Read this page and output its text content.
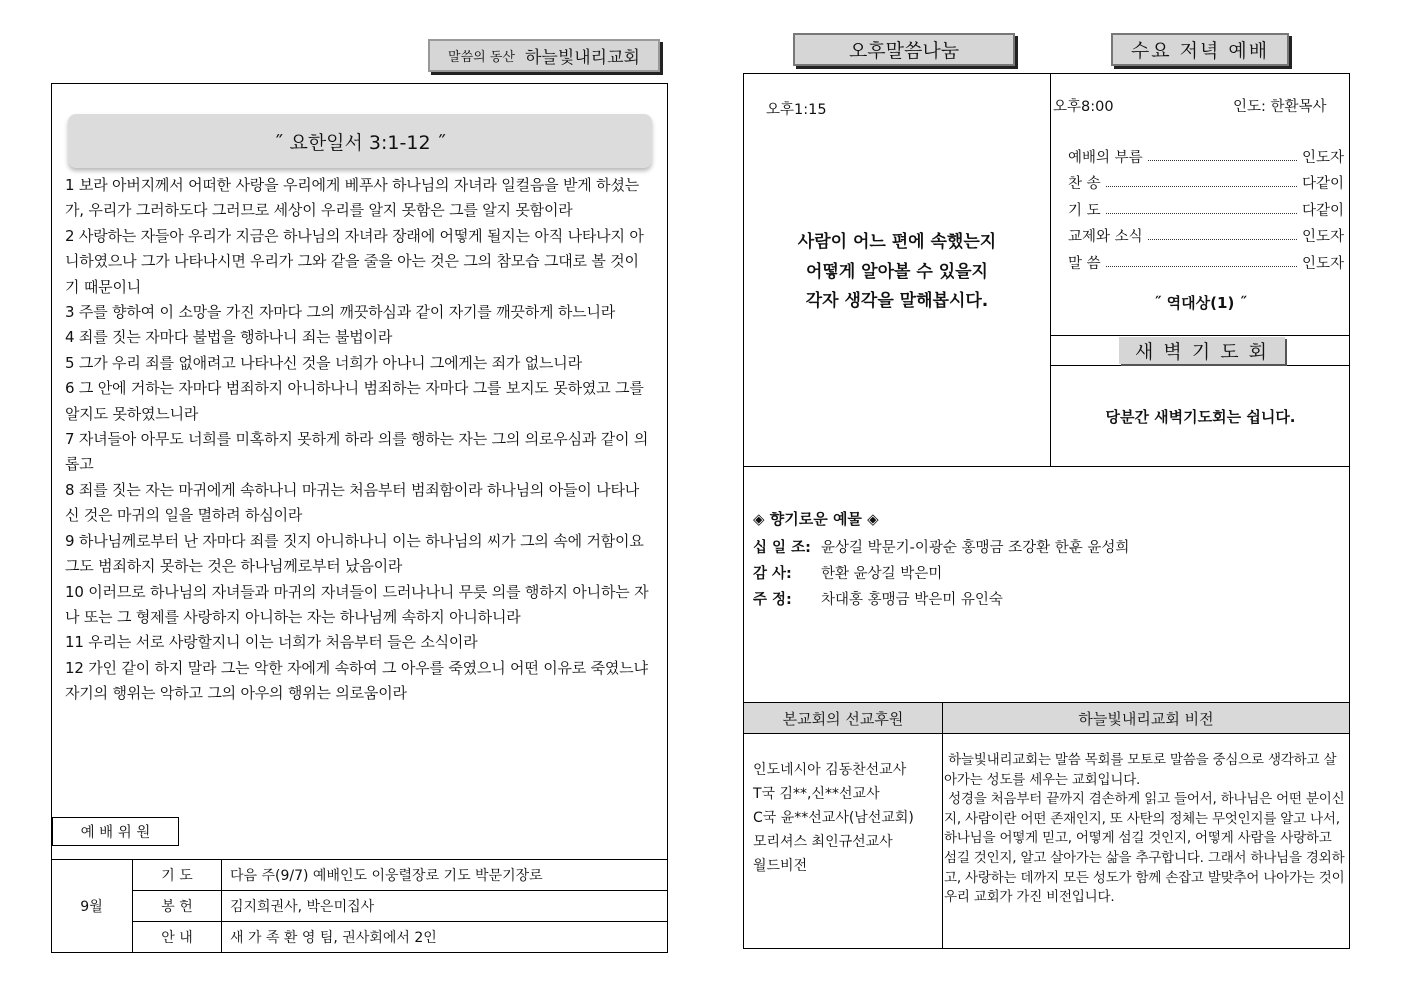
말씀의 동산 하늘빛내리교회
˝ 요한일서 3:1-12 ˝

1 보라 아버지께서 어떠한 사랑을 우리에게 베푸사 하나님의 자녀라 일컬음을 받게 하셨는가, 우리가 그러하도다 그러므로 세상이 우리를 알지 못함은 그를 알지 못함이라

2 사랑하는 자들아 우리가 지금은 하나님의 자녀라 장래에 어떻게 될지는 아직 나타나지 아니하였으나 그가 나타나시면 우리가 그와 같을 줄을 아는 것은 그의 참모습 그대로 볼 것이기 때문이니

3 주를 향하여 이 소망을 가진 자마다 그의 깨끗하심과 같이 자기를 깨끗하게 하느니라

4 죄를 짓는 자마다 불법을 행하나니 죄는 불법이라

5 그가 우리 죄를 없애려고 나타나신 것을 너희가 아나니 그에게는 죄가 없느니라

6 그 안에 거하는 자마다 범죄하지 아니하나니 범죄하는 자마다 그를 보지도 못하였고 그를 알지도 못하였느니라

7 자녀들아 아무도 너희를 미혹하지 못하게 하라 의를 행하는 자는 그의 의로우심과 같이 의롭고

8 죄를 짓는 자는 마귀에게 속하나니 마귀는 처음부터 범죄함이라 하나님의 아들이 나타나신 것은 마귀의 일을 멸하려 하심이라

9 하나님께로부터 난 자마다 죄를 짓지 아니하나니 이는 하나님의 씨가 그의 속에 거함이요 그도 범죄하지 못하는 것은 하나님께로부터 났음이라

10 이러므로 하나님의 자녀들과 마귀의 자녀들이 드러나나니 무릇 의를 행하지 아니하는 자나 또는 그 형제를 사랑하지 아니하는 자는 하나님께 속하지 아니하니라

11 우리는 서로 사랑할지니 이는 너희가 처음부터 들은 소식이라

12 가인 같이 하지 말라 그는 악한 자에게 속하여 그 아우를 죽였으니 어떤 이유로 죽였느냐 자기의 행위는 악하고 그의 아우의 행위는 의로움이라

예 배 위 원
9월	기 도	다음 주(9/7) 예배인도 이웅렬장로 기도 박문기장로
	봉 헌	김지희권사, 박은미집사
	안 내	새 가 족 환 영 팀, 권사회에서 2인
오후말씀나눔	수요 저녁 예배
오후1:15
사람이 어느 편에 속했는지
어떻게 알아볼 수 있을지
각자 생각을 말해봅시다.
오후8:00	인도: 한환목사
예배의 부름	인도자
찬 송	다같이
기 도	다같이
교제와 소식	인도자
말 씀	인도자
˝ 역대상(1) ˝
새 벽 기 도 회
당분간 새벽기도회는 쉽니다.
◈ 향기로운 예물 ◈
십 일 조: 윤상길 박문기-이광순 홍맹금 조강환 한훈 윤성희
감 사:	한환 윤상길 박은미
주 정:	차대홍 홍맹금 박은미 유인숙
본교회의 선교후원	하늘빛내리교회 비전
인도네시아 김동찬선교사
T국 김**,신**선교사
C국 윤**선교사(남선교회)
모리셔스 최인규선교사
월드비전
하늘빛내리교회는 말씀 목회를 모토로 말씀을 중심으로 생각하고 살아가는 성도를 세우는 교회입니다.
성경을 처음부터 끝까지 겸손하게 읽고 들어서, 하나님은 어떤 분이신지, 사람이란 어떤 존재인지, 또 사탄의 정체는 무엇인지를 알고 나서, 하나님을 어떻게 믿고, 어떻게 섬길 것인지, 어떻게 사람을 사랑하고 섬길 것인지, 알고 살아가는 삶을 추구합니다. 그래서 하나님을 경외하고, 사랑하는 데까지 모든 성도가 함께 손잡고 발맞추어 나아가는 것이 우리 교회가 가진 비전입니다.
